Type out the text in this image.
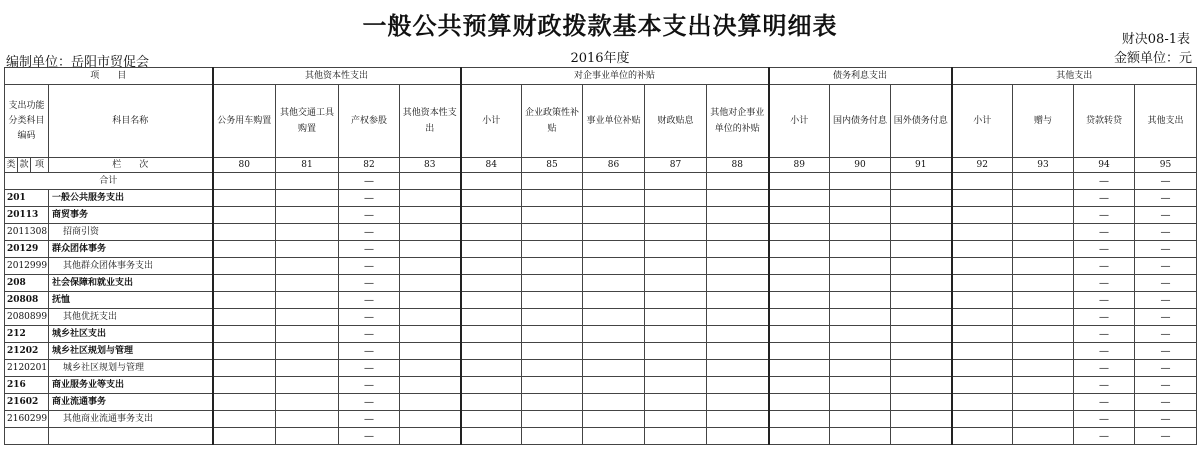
一般公共预算财政拨款基本支出决算明细表	财决08-1表
编制单位：岳阳市贸促会	2016年度	金额单位：元
项　　目				其他资本性支出				对企事业单位的补贴					债务利息支出			其他支出			
支出功能分类科目编码			科目名称	公务用车购置	其他交通工具购置	产权参股	其他资本性支出	小计	企业政策性补贴	事业单位补贴	财政贴息	其他对企事业单位的补贴	小计	国内债务付息	国外债务付息	小计	赠与	贷款转贷	其他支出
类	款	项	栏　　次	80	81	82	83	84	85	86	87	88	89	90	91	92	93	94	95
合计						—												—	—
201			一般公共服务支出			—												—	—
20113			商贸事务			—												—	—
2011308			招商引资			—												—	—
20129			群众团体事务			—												—	—
2012999			其他群众团体事务支出			—												—	—
208			社会保障和就业支出			—												—	—
20808			抚恤			—												—	—
2080899			其他优抚支出			—												—	—
212			城乡社区支出			—												—	—
21202			城乡社区规划与管理			—												—	—
2120201			城乡社区规划与管理			—												—	—
216			商业服务业等支出			—												—	—
21602			商业流通事务			—												—	—
2160299			其他商业流通事务支出			—												—	—
						—												—	—
